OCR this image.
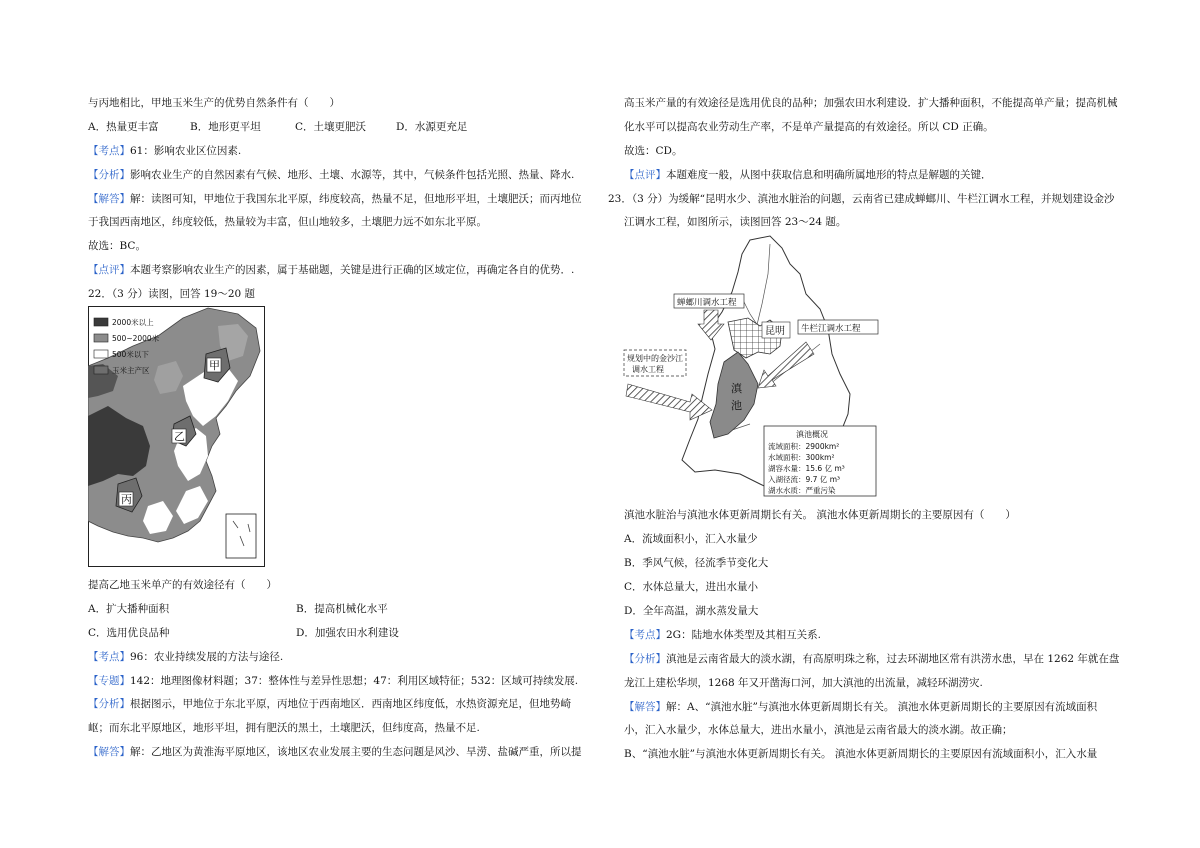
与丙地相比，甲地玉米生产的优势自然条件有（　　）
A．热量更丰富	B．地形更平坦	C．土壤更肥沃	D．水源更充足
【考点】61：影响农业区位因素.
【分析】影响农业生产的自然因素有气候、地形、土壤、水源等，其中，气候条件包括光照、热量、降水.
【解答】解：读图可知，甲地位于我国东北平原，纬度较高，热量不足，但地形平坦，土壤肥沃；而丙地位
于我国西南地区，纬度较低，热量较为丰富，但山地较多，土壤肥力远不如东北平原。
故选：BC。
【点评】本题考察影响农业生产的因素，属于基础题，关键是进行正确的区域定位，再确定各自的优势．.
22．（3 分）读图，回答 19～20 题
2000米以上
500~2000米
500米以下
玉米主产区	甲
乙
丙
提高乙地玉米单产的有效途径有（　　）
A．扩大播种面积	B．提高机械化水平
C．选用优良品种	D．加强农田水利建设
【考点】96：农业持续发展的方法与途径.
【专题】142：地理图像材料题；37：整体性与差异性思想；47：利用区域特征；532：区域可持续发展.
【分析】根据图示，甲地位于东北平原，丙地位于西南地区．西南地区纬度低，水热资源充足，但地势崎
岖；而东北平原地区，地形平坦，拥有肥沃的黑土，土壤肥沃，但纬度高，热量不足.
【解答】解：乙地区为黄淮海平原地区，该地区农业发展主要的生态问题是风沙、旱涝、盐碱严重，所以提
高玉米产量的有效途径是选用优良的品种；加强农田水利建设．扩大播种面积，不能提高单产量；提高机械
化水平可以提高农业劳动生产率，不是单产量提高的有效途径。所以 CD 正确。
故选：CD。
【点评】本题难度一般，从图中获取信息和明确所属地形的特点是解题的关键．
23．（3 分）为缓解“昆明水少、滇池水脏治的问题，云南省已建成蝉螂川、牛栏江调水工程，并规划建设金沙
江调水工程，如图所示，读图回答 23～24 题。
滇
池
昆明
蝉螂川调水工程
牛栏江调水工程
规划中的金沙江
调水工程
滇池概况
流域面积：2900km²
水域面积：300km²
湖容水量：15.6 亿 m³
入湖径流：9.7 亿 m³
湖水水质：严重污染
滇池水脏治与滇池水体更新周期长有关。 滇池水体更新周期长的主要原因有（　　）
A．流域面积小，汇入水量少
B．季风气候，径流季节变化大
C．水体总量大，进出水量小
D．全年高温，湖水蒸发量大
【考点】2G：陆地水体类型及其相互关系.
【分析】滇池是云南省最大的淡水湖，有高原明珠之称，过去环湖地区常有洪涝水患，早在 1262 年就在盘
龙江上建松华坝，1268 年又开凿海口河，加大滇池的出流量，减轻环湖涝灾.
【解答】解：A、“滇池水脏”与滇池水体更新周期长有关。 滇池水体更新周期长的主要原因有流域面积
小，汇入水量少，水体总量大，进出水量小，滇池是云南省最大的淡水湖。故正确；
B、“滇池水脏”与滇池水体更新周期长有关。 滇池水体更新周期长的主要原因有流域面积小，汇入水量
